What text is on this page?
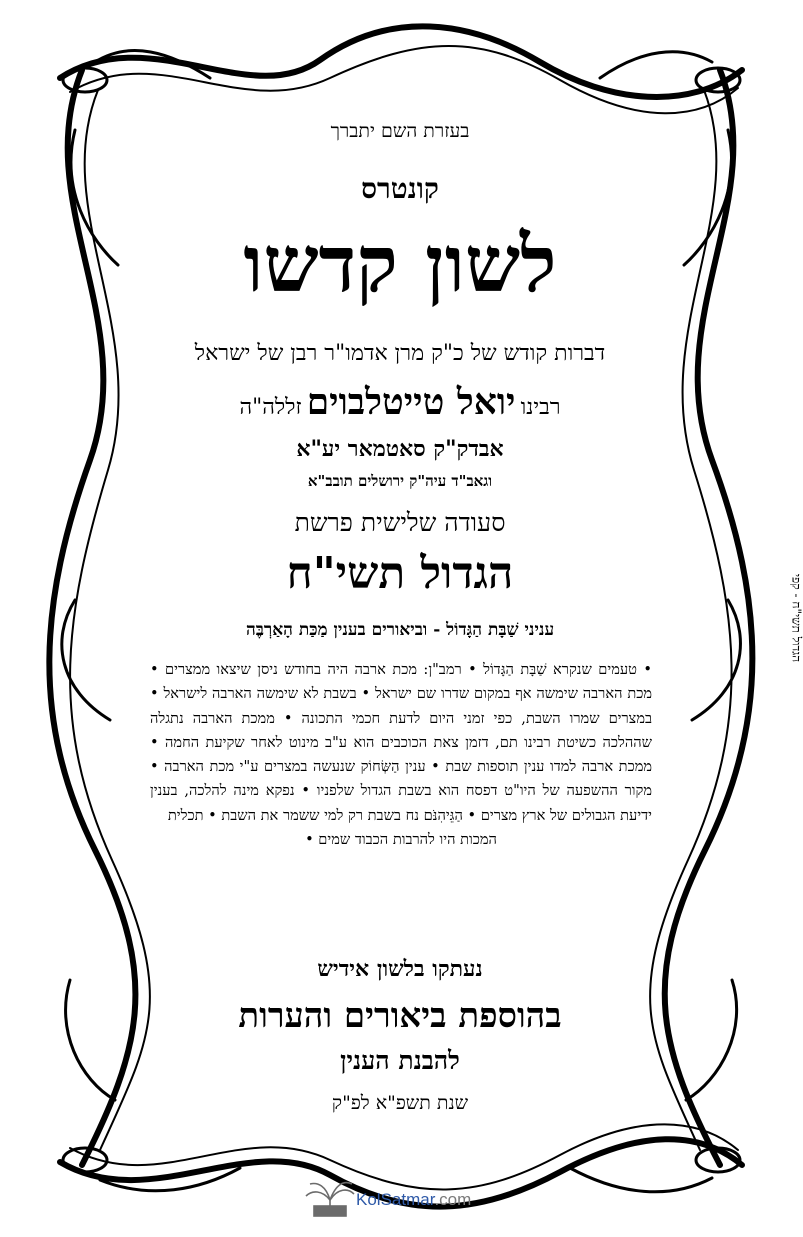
בעזרת השם יתברך
קונטרס
לשון קדשו
דברות קודש של כ"ק מרן אדמו"ר רבן של ישראל
רבינו יואל טייטלבוים זללה"ה
אבדק"ק סאטמאר יע"א
וגאב"ד עיה"ק ירושלים תובב"א
סעודה שלישית פרשת
הגדול תשי"ח
עניני שַׁבָּת הַגָּדוֹל - וביאורים בענין מַכַּת הָאַרְבֶּה
• טעמים שנקרא שַׁבָּת הַגָּדוֹל • רמב"ן: מכת ארבה היה בחודש ניסן שיצאו ממצרים • מכת הארבה שימשה אף במקום שדרו שם ישראל • בשבת לא שימשה הארבה לישראל • במצרים שמרו השבת, כפי זמני היום לדעת חכמי התכונה • ממכת הארבה נתגלה שההלכה כשיטת רבינו תם, דזמן צאת הכוכבים הוא ע"ב מינוט לאחר שקיעת החמה • ממכת ארבה למדו ענין תוספות שבת • ענין הַשְּׂחוֹק שנעשה במצרים ע"י מכת הארבה • מקור ההשפעה של היו"ט דפסח הוא בשבת הגדול שלפניו • נפקא מינה להלכה, בענין ידיעת הגבולים של ארץ מצרים • הַגֵּיהִנֹּם נח בשבת רק למי ששמר את השבת • תכלית
המכות היו להרבות הכבוד שמים •
נעתקו בלשון אידיש
בהוספת ביאורים והערות
להבנת הענין
שנת תשפ"א לפ"ק
הגדול תשי"ח - קפי
KolSatmar.com
